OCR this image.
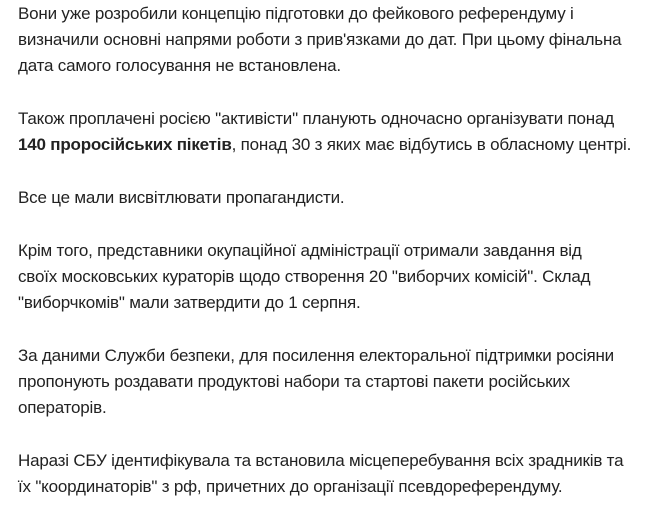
Вони уже розробили концепцію підготовки до фейкового референдуму і
визначили основні напрями роботи з прив'язками до дат. При цьому фінальна
дата самого голосування не встановлена.

Також проплачені росією "активісти" планують одночасно організувати понад
140 проросійських пікетів, понад 30 з яких має відбутись в обласному центрі.

Все це мали висвітлювати пропагандисти.

Крім того, представники окупаційної адміністрації отримали завдання від
своїх московських кураторів щодо створення 20 "виборчих комісій". Склад
"виборчкомів" мали затвердити до 1 серпня.

За даними Служби безпеки, для посилення електоральної підтримки росіяни
пропонують роздавати продуктові набори та стартові пакети російських
операторів.

Наразі СБУ ідентифікувала та встановила місцеперебування всіх зрадників та
їх "координаторів" з рф, причетних до організації псевдореферендуму.
